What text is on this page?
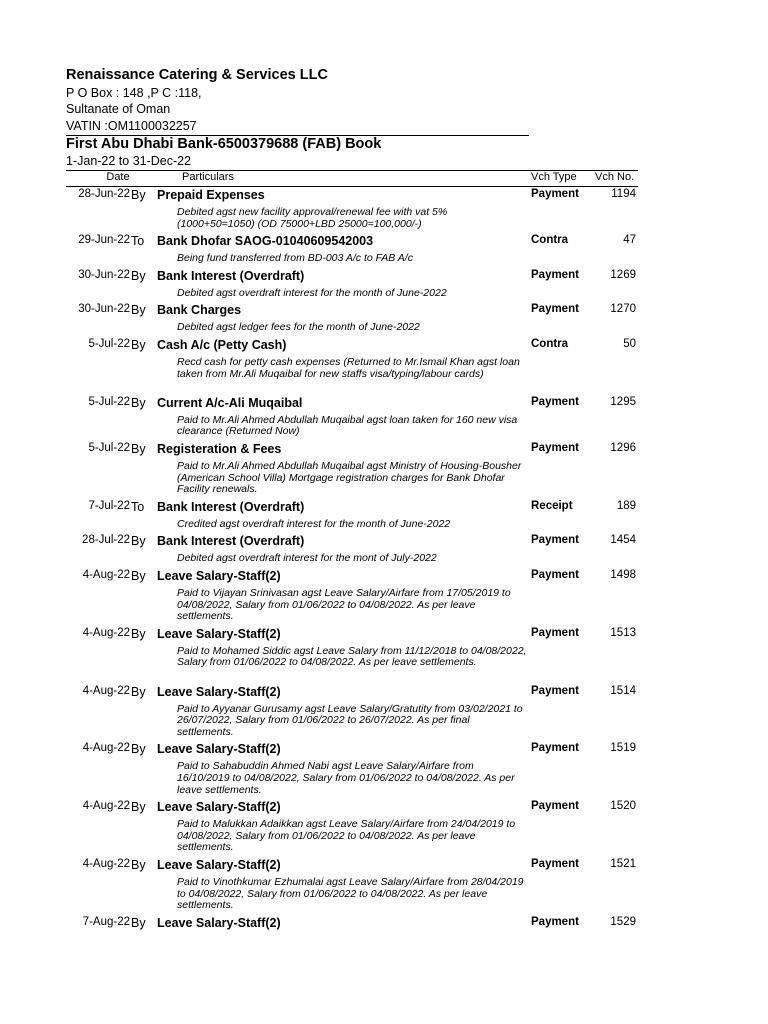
Renaissance Catering & Services LLC
P O Box : 148 ,P C :118,
Sultanate of Oman
VATIN :OM1100032257
First Abu Dhabi Bank-6500379688 (FAB) Book
1-Jan-22 to 31-Dec-22
Date	Particulars	Vch Type Vch No.
28-Jun-22 By Prepaid Expenses	Payment	1194
Debited agst new facility approval/renewal fee with vat 5% (1000+50=1050) (OD 75000+LBD 25000=100,000/-)
29-Jun-22 To Bank Dhofar SAOG-01040609542003	Contra	47
Being fund transferred from BD-003 A/c to FAB A/c
30-Jun-22 By Bank Interest (Overdraft)	Payment	1269
Debited agst overdraft interest for the month of June-2022
30-Jun-22 By Bank Charges	Payment	1270
Debited agst ledger fees for the month of June-2022
5-Jul-22 By Cash A/c (Petty Cash)	Contra	50
Recd cash for petty cash expenses (Returned to Mr.Ismail Khan agst loan taken from Mr.Ali Muqaibal for new staffs visa/typing/labour cards)
5-Jul-22 By Current A/c-Ali Muqaibal	Payment	1295
Paid to Mr.Ali Ahmed Abdullah Muqaibal agst loan taken for 160 new visa clearance (Returned Now)
5-Jul-22 By Registeration & Fees	Payment	1296
Paid to Mr.Ali Ahmed Abdullah Muqaibal agst Ministry of Housing-Bousher (American School Villa) Mortgage registration charges for Bank Dhofar Facility renewals.
7-Jul-22 To Bank Interest (Overdraft)	Receipt	189
Credited agst overdraft interest for the month of June-2022
28-Jul-22 By Bank Interest (Overdraft)	Payment	1454
Debited agst overdraft interest for the mont of July-2022
4-Aug-22 By Leave Salary-Staff(2)	Payment	1498
Paid to Vijayan Srinivasan agst Leave Salary/Airfare from 17/05/2019 to 04/08/2022, Salary from 01/06/2022 to 04/08/2022. As per leave settlements.
4-Aug-22 By Leave Salary-Staff(2)	Payment	1513
Paid to Mohamed Siddic agst Leave Salary from 11/12/2018 to 04/08/2022, Salary from 01/06/2022 to 04/08/2022. As per leave settlements.
4-Aug-22 By Leave Salary-Staff(2)	Payment	1514
Paid to Ayyanar Gurusamy agst Leave Salary/Gratutity from 03/02/2021 to 26/07/2022, Salary from 01/06/2022 to 26/07/2022. As per final settlements.
4-Aug-22 By Leave Salary-Staff(2)	Payment	1519
Paid to Sahabuddin Ahmed Nabi agst Leave Salary/Airfare from 16/10/2019 to 04/08/2022, Salary from 01/06/2022 to 04/08/2022. As per leave settlements.
4-Aug-22 By Leave Salary-Staff(2)	Payment	1520
Paid to Malukkan Adaikkan agst Leave Salary/Airfare from 24/04/2019 to 04/08/2022, Salary from 01/06/2022 to 04/08/2022. As per leave settlements.
4-Aug-22 By Leave Salary-Staff(2)	Payment	1521
Paid to Vinothkumar Ezhumalai agst Leave Salary/Airfare from 28/04/2019 to 04/08/2022, Salary from 01/06/2022 to 04/08/2022. As per leave settlements.
7-Aug-22 By Leave Salary-Staff(2)	Payment	1529
